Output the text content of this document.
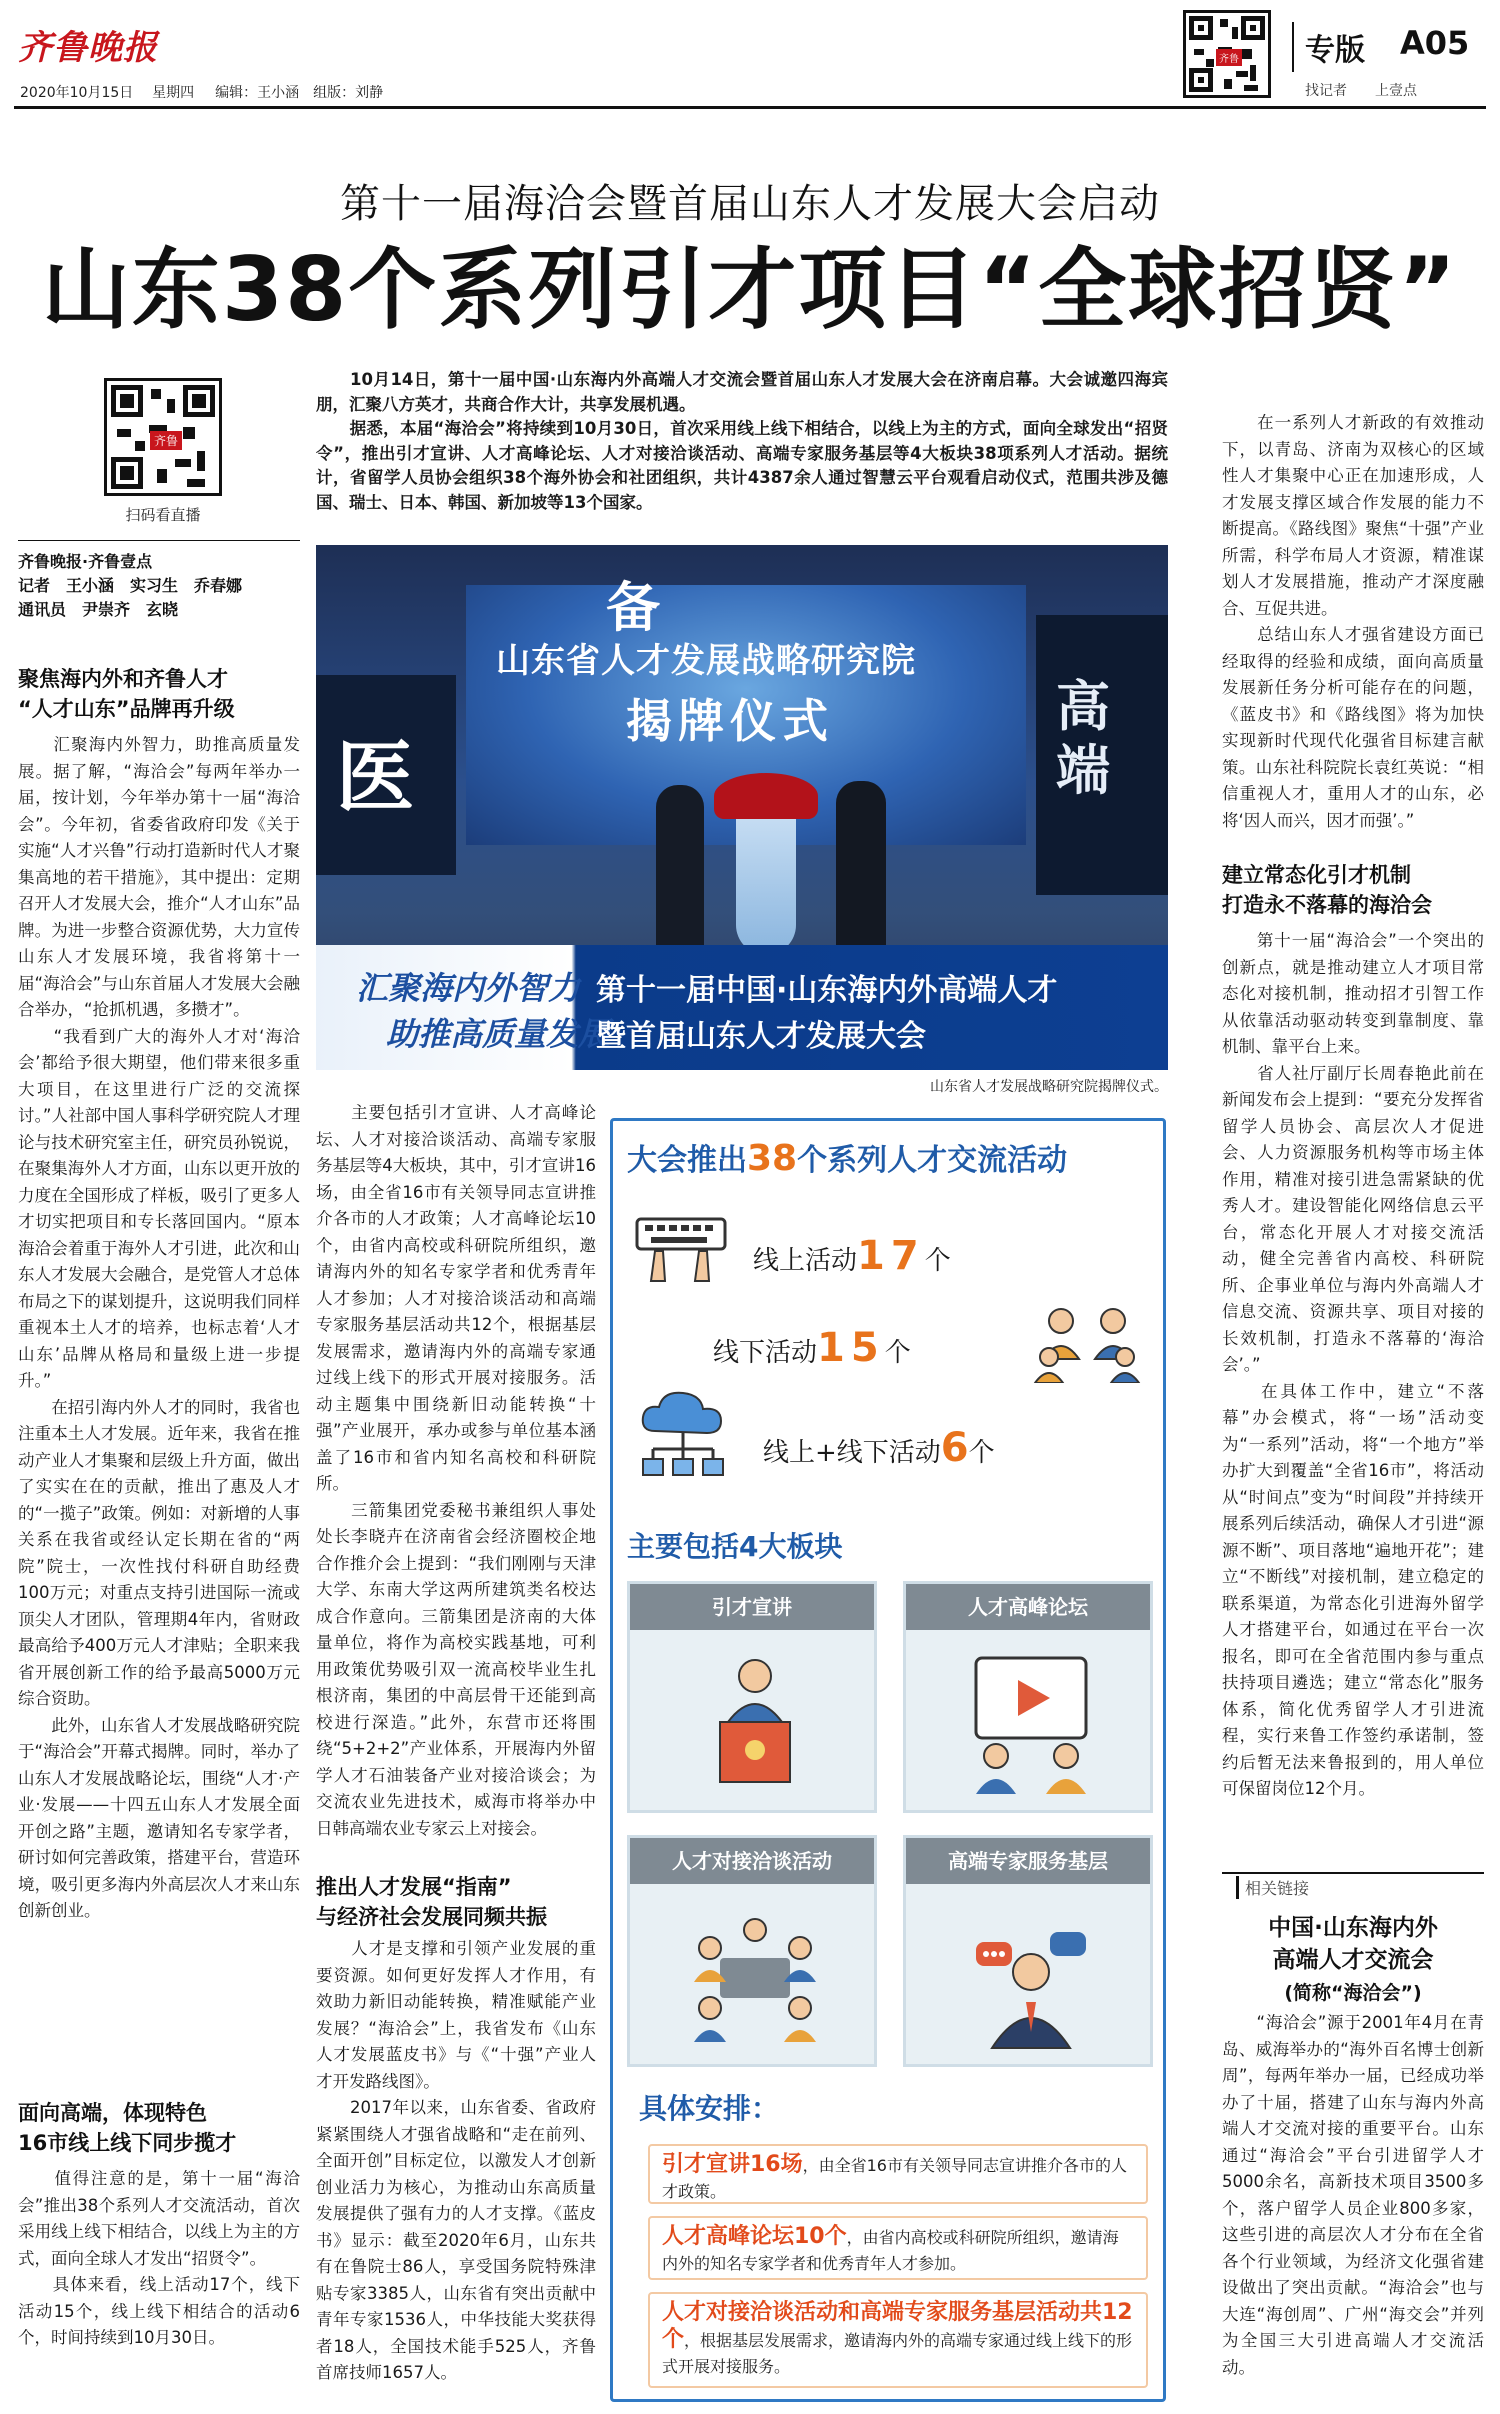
齐鲁晚报
2020年10月15日 星期四 编辑：王小涵　组版：刘静
齐鲁 专版 A05
找记者　　上壹点
第十一届海洽会暨首届山东人才发展大会启动
山东38个系列引才项目“全球招贤”
齐鲁
扫码看直播
齐鲁晚报·齐鲁壹点
记者　王小涵　实习生　乔春娜
通讯员　尹崇齐　玄晓
聚焦海内外和齐鲁人才
“人才山东”品牌再升级
　　汇聚海内外智力，助推高质量发展。据了解，“海洽会”每两年举办一届，按计划，今年举办第十一届“海洽会”。今年初，省委省政府印发《关于实施“人才兴鲁”行动打造新时代人才聚集高地的若干措施》，其中提出：定期召开人才发展大会，推介“人才山东”品牌。为进一步整合资源优势，大力宣传山东人才发展环境，我省将第十一届“海洽会”与山东首届人才发展大会融合举办，“抢抓机遇，多攒才”。
　　“我看到广大的海外人才对‘海洽会’都给予很大期望，他们带来很多重大项目，在这里进行广泛的交流探讨。”人社部中国人事科学研究院人才理论与技术研究室主任，研究员孙锐说，在聚集海外人才方面，山东以更开放的力度在全国形成了样板，吸引了更多人才切实把项目和专长落回国内。“原本海洽会着重于海外人才引进，此次和山东人才发展大会融合，是党管人才总体布局之下的谋划提升，这说明我们同样重视本土人才的培养，也标志着‘人才山东’品牌从格局和量级上进一步提升。”
　　在招引海内外人才的同时，我省也注重本土人才发展。近年来，我省在推动产业人才集聚和层级上升方面，做出了实实在在的贡献，推出了惠及人才的“一揽子”政策。例如：对新增的人事关系在我省或经认定长期在省的“两院”院士，一次性找付科研自助经费100万元；对重点支持引进国际一流或顶尖人才团队，管理期4年内，省财政最高给予400万元人才津贴；全职来我省开展创新工作的给予最高5000万元综合资助。
　　此外，山东省人才发展战略研究院于“海洽会”开幕式揭牌。同时，举办了山东人才发展战略论坛，围绕“人才·产业·发展——十四五山东人才发展全面开创之路”主题，邀请知名专家学者，研讨如何完善政策，搭建平台，营造环境，吸引更多海内外高层次人才来山东创新创业。
面向高端，体现特色
16市线上线下同步揽才
　　值得注意的是，第十一届“海洽会”推出38个系列人才交流活动，首次采用线上线下相结合，以线上为主的方式，面向全球人才发出“招贤令”。
　　具体来看，线上活动17个，线下活动15个，线上线下相结合的活动6个，时间持续到10月30日。
　　10月14日，第十一届中国·山东海内外高端人才交流会暨首届山东人才发展大会在济南启幕。大会诚邀四海宾朋，汇聚八方英才，共商合作大计，共享发展机遇。
　　据悉，本届“海洽会”将持续到10月30日，首次采用线上线下相结合，以线上为主的方式，面向全球发出“招贤令”，推出引才宣讲、人才高峰论坛、人才对接洽谈活动、高端专家服务基层等4大板块38项系列人才活动。据统计，省留学人员协会组织38个海外协会和社团组织，共计4387余人通过智慧云平台观看启动仪式，范围共涉及德国、瑞士、日本、韩国、新加坡等13个国家。
备
山东省人才发展战略研究院
揭牌仪式
医
高端
汇聚海内外智力
助推高质量发展
第十一届中国·山东海内外高端人才
暨首届山东人才发展大会
山东省人才发展战略研究院揭牌仪式。
　　主要包括引才宣讲、人才高峰论坛、人才对接洽谈活动、高端专家服务基层等4大板块，其中，引才宣讲16场，由全省16市有关领导同志宣讲推介各市的人才政策；人才高峰论坛10个，由省内高校或科研院所组织，邀请海内外的知名专家学者和优秀青年人才参加；人才对接洽谈活动和高端专家服务基层活动共12个，根据基层发展需求，邀请海内外的高端专家通过线上线下的形式开展对接服务。活动主题集中围绕新旧动能转换“十强”产业展开，承办或参与单位基本涵盖了16市和省内知名高校和科研院所。
　　三箭集团党委秘书兼组织人事处处长李晓卉在济南省会经济圈校企地合作推介会上提到：“我们刚刚与天津大学、东南大学这两所建筑类名校达成合作意向。三箭集团是济南的大体量单位，将作为高校实践基地，可利用政策优势吸引双一流高校毕业生扎根济南，集团的中高层骨干还能到高校进行深造。”此外，东营市还将围绕“5+2+2”产业体系，开展海内外留学人才石油装备产业对接洽谈会；为交流农业先进技术，威海市将举办中日韩高端农业专家云上对接会。
推出人才发展“指南”
与经济社会发展同频共振
　　人才是支撑和引领产业发展的重要资源。如何更好发挥人才作用，有效助力新旧动能转换，精准赋能产业发展？“海洽会”上，我省发布《山东人才发展蓝皮书》与《“十强”产业人才开发路线图》。
　　2017年以来，山东省委、省政府紧紧围绕人才强省战略和“走在前列、全面开创”目标定位，以激发人才创新创业活力为核心，为推动山东高质量发展提供了强有力的人才支撑。《蓝皮书》显示：截至2020年6月，山东共有在鲁院士86人，享受国务院特殊津贴专家3385人，山东省有突出贡献中青年专家1536人，中华技能大奖获得者18人，全国技术能手525人，齐鲁首席技师1657人。
大会推出38个系列人才交流活动
线上活动17个
线下活动15个
线上+线下活动6个
主要包括4大板块
引才宣讲	人才高峰论坛
人才对接洽谈活动	高端专家服务基层
具体安排：
引才宣讲16场，由全省16市有关领导同志宣讲推介各市的人才政策。
人才高峰论坛10个，由省内高校或科研院所组织，邀请海内外的知名专家学者和优秀青年人才参加。
人才对接洽谈活动和高端专家服务基层活动共12个，根据基层发展需求，邀请海内外的高端专家通过线上线下的形式开展对接服务。
　　在一系列人才新政的有效推动下，以青岛、济南为双核心的区域性人才集聚中心正在加速形成，人才发展支撑区域合作发展的能力不断提高。《路线图》聚焦“十强”产业所需，科学布局人才资源，精准谋划人才发展措施，推动产才深度融合、互促共进。
　　总结山东人才强省建设方面已经取得的经验和成绩，面向高质量发展新任务分析可能存在的问题，《蓝皮书》和《路线图》将为加快实现新时代现代化强省目标建言献策。山东社科院院长袁红英说：“相信重视人才，重用人才的山东，必将‘因人而兴，因才而强’。”
建立常态化引才机制
打造永不落幕的海洽会
　　第十一届“海洽会”一个突出的创新点，就是推动建立人才项目常态化对接机制，推动招才引智工作从依靠活动驱动转变到靠制度、靠机制、靠平台上来。
　　省人社厅副厅长周春艳此前在新闻发布会上提到：“要充分发挥省留学人员协会、高层次人才促进会、人力资源服务机构等市场主体作用，精准对接引进急需紧缺的优秀人才。建设智能化网络信息云平台，常态化开展人才对接交流活动，健全完善省内高校、科研院所、企事业单位与海内外高端人才信息交流、资源共享、项目对接的长效机制，打造永不落幕的‘海洽会’。”
　　在具体工作中，建立“不落幕”办会模式，将“一场”活动变为“一系列”活动，将“一个地方”举办扩大到覆盖“全省16市”，将活动从“时间点”变为“时间段”并持续开展系列后续活动，确保人才引进“源源不断”、项目落地“遍地开花”；建立“不断线”对接机制，建立稳定的联系渠道，为常态化引进海外留学人才搭建平台，如通过在平台一次报名，即可在全省范围内参与重点扶持项目遴选；建立“常态化”服务体系，简化优秀留学人才引进流程，实行来鲁工作签约承诺制，签约后暂无法来鲁报到的，用人单位可保留岗位12个月。
相关链接
中国·山东海内外
高端人才交流会
(简称“海洽会”)
　　“海洽会”源于2001年4月在青岛、威海举办的“海外百名博士创新周”，每两年举办一届，已经成功举办了十届，搭建了山东与海内外高端人才交流对接的重要平台。山东通过“海洽会”平台引进留学人才5000余名，高新技术项目3500多个，落户留学人员企业800多家，这些引进的高层次人才分布在全省各个行业领域，为经济文化强省建设做出了突出贡献。“海洽会”也与大连“海创周”、广州“海交会”并列为全国三大引进高端人才交流活动。
